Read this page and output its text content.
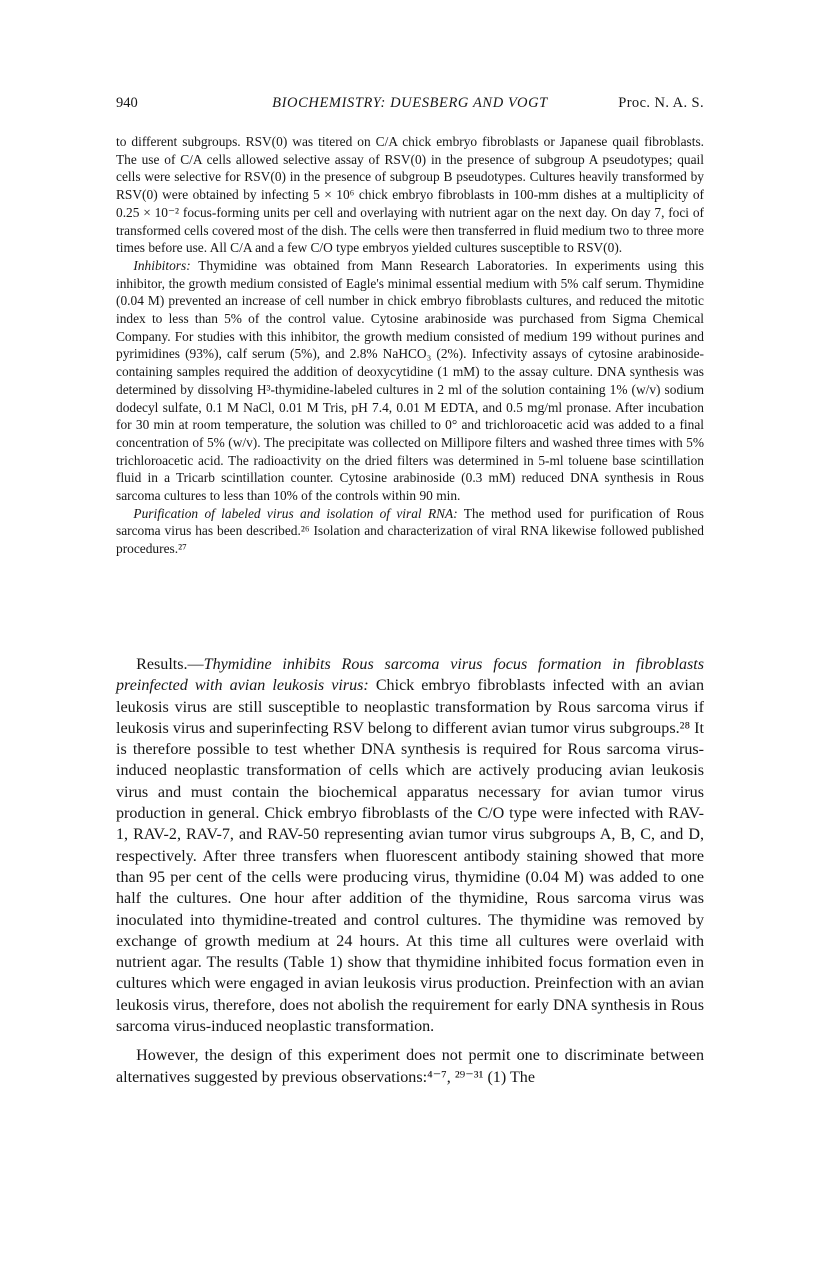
940	BIOCHEMISTRY: DUESBERG AND VOGT	Proc. N. A. S.

to different subgroups. RSV(0) was titered on C/A chick embryo fibroblasts or Japanese quail fibroblasts. The use of C/A cells allowed selective assay of RSV(0) in the presence of subgroup A pseudotypes; quail cells were selective for RSV(0) in the presence of subgroup B pseudotypes. Cultures heavily transformed by RSV(0) were obtained by infecting 5 × 10⁶ chick embryo fibroblasts in 100-mm dishes at a multiplicity of 0.25 × 10⁻² focus-forming units per cell and overlaying with nutrient agar on the next day. On day 7, foci of transformed cells covered most of the dish. The cells were then transferred in fluid medium two to three more times before use. All C/A and a few C/O type embryos yielded cultures susceptible to RSV(0).

Inhibitors: Thymidine was obtained from Mann Research Laboratories. In experiments using this inhibitor, the growth medium consisted of Eagle's minimal essential medium with 5% calf serum. Thymidine (0.04 M) prevented an increase of cell number in chick embryo fibroblasts cultures, and reduced the mitotic index to less than 5% of the control value. Cytosine arabinoside was purchased from Sigma Chemical Company. For studies with this inhibitor, the growth medium consisted of medium 199 without purines and pyrimidines (93%), calf serum (5%), and 2.8% NaHCO₃ (2%). Infectivity assays of cytosine arabinoside-containing samples required the addition of deoxycytidine (1 mM) to the assay culture. DNA synthesis was determined by dissolving H³-thymidine-labeled cultures in 2 ml of the solution containing 1% (w/v) sodium dodecyl sulfate, 0.1 M NaCl, 0.01 M Tris, pH 7.4, 0.01 M EDTA, and 0.5 mg/ml pronase. After incubation for 30 min at room temperature, the solution was chilled to 0° and trichloroacetic acid was added to a final concentration of 5% (w/v). The precipitate was collected on Millipore filters and washed three times with 5% trichloroacetic acid. The radioactivity on the dried filters was determined in 5-ml toluene base scintillation fluid in a Tricarb scintillation counter. Cytosine arabinoside (0.3 mM) reduced DNA synthesis in Rous sarcoma cultures to less than 10% of the controls within 90 min.

Purification of labeled virus and isolation of viral RNA: The method used for purification of Rous sarcoma virus has been described.²⁶ Isolation and characterization of viral RNA likewise followed published procedures.²⁷

Results.—Thymidine inhibits Rous sarcoma virus focus formation in fibroblasts preinfected with avian leukosis virus: Chick embryo fibroblasts infected with an avian leukosis virus are still susceptible to neoplastic transformation by Rous sarcoma virus if leukosis virus and superinfecting RSV belong to different avian tumor virus subgroups.²⁸ It is therefore possible to test whether DNA synthesis is required for Rous sarcoma virus-induced neoplastic transformation of cells which are actively producing avian leukosis virus and must contain the biochemical apparatus necessary for avian tumor virus production in general. Chick embryo fibroblasts of the C/O type were infected with RAV-1, RAV-2, RAV-7, and RAV-50 representing avian tumor virus subgroups A, B, C, and D, respectively. After three transfers when fluorescent antibody staining showed that more than 95 per cent of the cells were producing virus, thymidine (0.04 M) was added to one half the cultures. One hour after addition of the thymidine, Rous sarcoma virus was inoculated into thymidine-treated and control cultures. The thymidine was removed by exchange of growth medium at 24 hours. At this time all cultures were overlaid with nutrient agar. The results (Table 1) show that thymidine inhibited focus formation even in cultures which were engaged in avian leukosis virus production. Preinfection with an avian leukosis virus, therefore, does not abolish the requirement for early DNA synthesis in Rous sarcoma virus-induced neoplastic transformation.

However, the design of this experiment does not permit one to discriminate between alternatives suggested by previous observations:⁴⁻⁷, ²⁹⁻³¹ (1) The
